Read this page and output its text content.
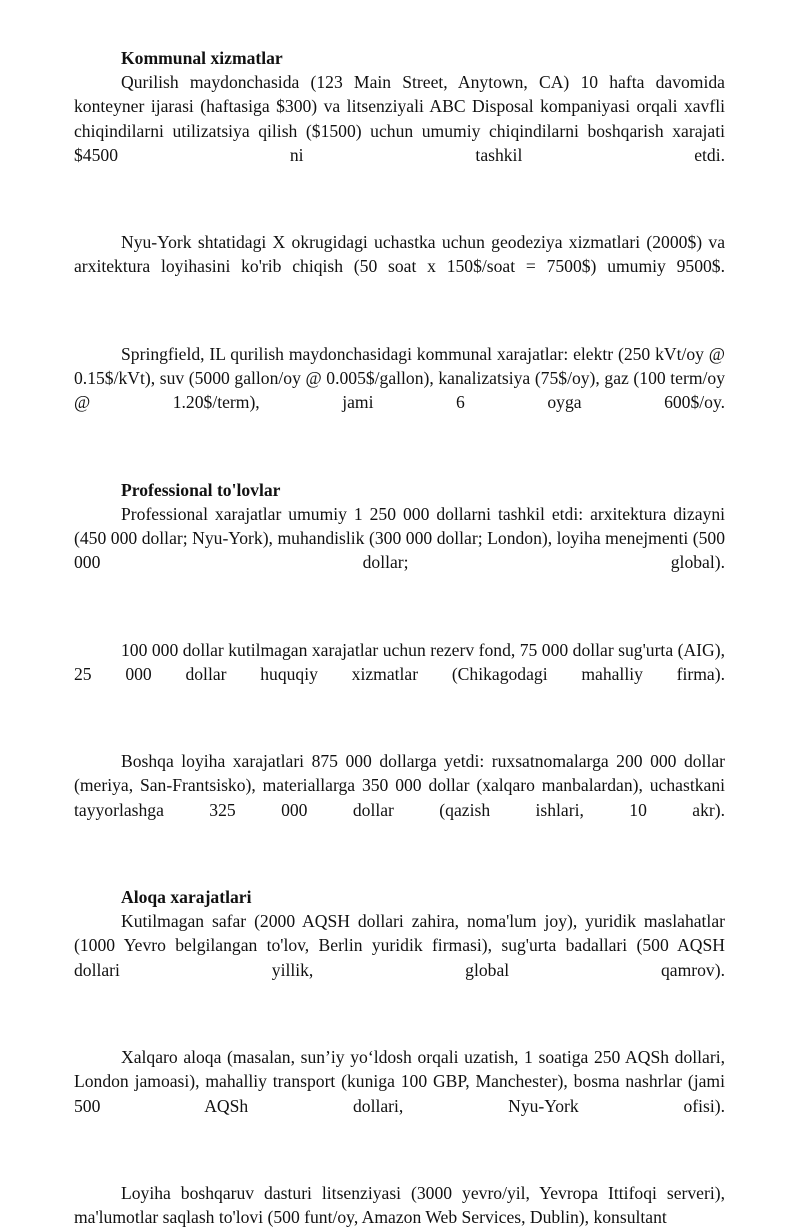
Kommunal xizmatlar

Qurilish maydonchasida (123 Main Street, Anytown, CA) 10 hafta davomida konteyner ijarasi (haftasiga $300) va litsenziyali ABC Disposal kompaniyasi orqali xavfli chiqindilarni utilizatsiya qilish ($1500) uchun umumiy chiqindilarni boshqarish xarajati $4500 ni tashkil etdi.

Nyu-York shtatidagi X okrugidagi uchastka uchun geodeziya xizmatlari (2000$) va arxitektura loyihasini ko'rib chiqish (50 soat x 150$/soat = 7500$) umumiy 9500$.

Springfield, IL qurilish maydonchasidagi kommunal xarajatlar: elektr (250 kVt/oy @ 0.15$/kVt), suv (5000 gallon/oy @ 0.005$/gallon), kanalizatsiya (75$/oy), gaz (100 term/oy @ 1.20$/term), jami 6 oyga 600$/oy.

Professional to'lovlar

Professional xarajatlar umumiy 1 250 000 dollarni tashkil etdi: arxitektura dizayni (450 000 dollar; Nyu-York), muhandislik (300 000 dollar; London), loyiha menejmenti (500 000 dollar; global).

100 000 dollar kutilmagan xarajatlar uchun rezerv fond, 75 000 dollar sug'urta (AIG), 25 000 dollar huquqiy xizmatlar (Chikagodagi mahalliy firma).

Boshqa loyiha xarajatlari 875 000 dollarga yetdi: ruxsatnomalarga 200 000 dollar (meriya, San-Frantsisko), materiallarga 350 000 dollar (xalqaro manbalardan), uchastkani tayyorlashga 325 000 dollar (qazish ishlari, 10 akr).

Aloqa xarajatlari

Kutilmagan safar (2000 AQSH dollari zahira, noma'lum joy), yuridik maslahatlar (1000 Yevro belgilangan to'lov, Berlin yuridik firmasi), sug'urta badallari (500 AQSH dollari yillik, global qamrov).

Xalqaro aloqa (masalan, sun’iy yo‘ldosh orqali uzatish, 1 soatiga 250 AQSh dollari, London jamoasi), mahalliy transport (kuniga 100 GBP, Manchester), bosma nashrlar (jami 500 AQSh dollari, Nyu-York ofisi).

Loyiha boshqaruv dasturi litsenziyasi (3000 yevro/yil, Yevropa Ittifoqi serveri), ma'lumotlar saqlash to'lovi (500 funt/oy, Amazon Web Services, Dublin), konsultant
